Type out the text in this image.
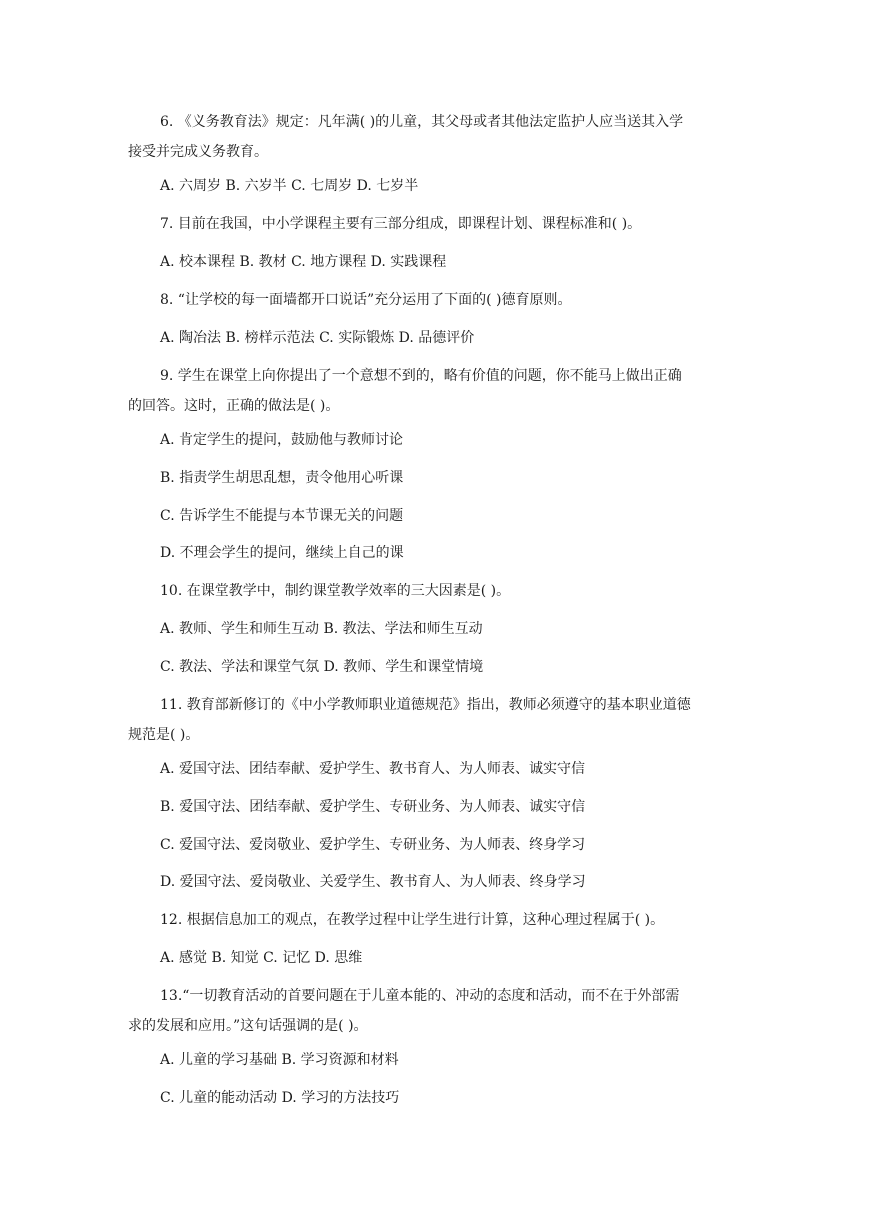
6. 《义务教育法》规定：凡年满( )的儿童，其父母或者其他法定监护人应当送其入学
接受并完成义务教育。
A. 六周岁 B. 六岁半 C. 七周岁 D. 七岁半
7. 目前在我国，中小学课程主要有三部分组成，即课程计划、课程标准和( )。
A. 校本课程 B. 教材 C. 地方课程 D. 实践课程
8. “让学校的每一面墙都开口说话”充分运用了下面的( )德育原则。
A. 陶冶法 B. 榜样示范法 C. 实际锻炼 D. 品德评价
9. 学生在课堂上向你提出了一个意想不到的，略有价值的问题，你不能马上做出正确
的回答。这时，正确的做法是( )。
A. 肯定学生的提问，鼓励他与教师讨论
B. 指责学生胡思乱想，责令他用心听课
C. 告诉学生不能提与本节课无关的问题
D. 不理会学生的提问，继续上自己的课
10. 在课堂教学中，制约课堂教学效率的三大因素是( )。
A. 教师、学生和师生互动 B. 教法、学法和师生互动
C. 教法、学法和课堂气氛 D. 教师、学生和课堂情境
11. 教育部新修订的《中小学教师职业道德规范》指出，教师必须遵守的基本职业道德
规范是( )。
A. 爱国守法、团结奉献、爱护学生、教书育人、为人师表、诚实守信
B. 爱国守法、团结奉献、爱护学生、专研业务、为人师表、诚实守信
C. 爱国守法、爱岗敬业、爱护学生、专研业务、为人师表、终身学习
D. 爱国守法、爱岗敬业、关爱学生、教书育人、为人师表、终身学习
12. 根据信息加工的观点，在教学过程中让学生进行计算，这种心理过程属于( )。
A. 感觉 B. 知觉 C. 记忆 D. 思维
13.“一切教育活动的首要问题在于儿童本能的、冲动的态度和活动，而不在于外部需
求的发展和应用。”这句话强调的是( )。
A. 儿童的学习基础 B. 学习资源和材料
C. 儿童的能动活动 D. 学习的方法技巧
